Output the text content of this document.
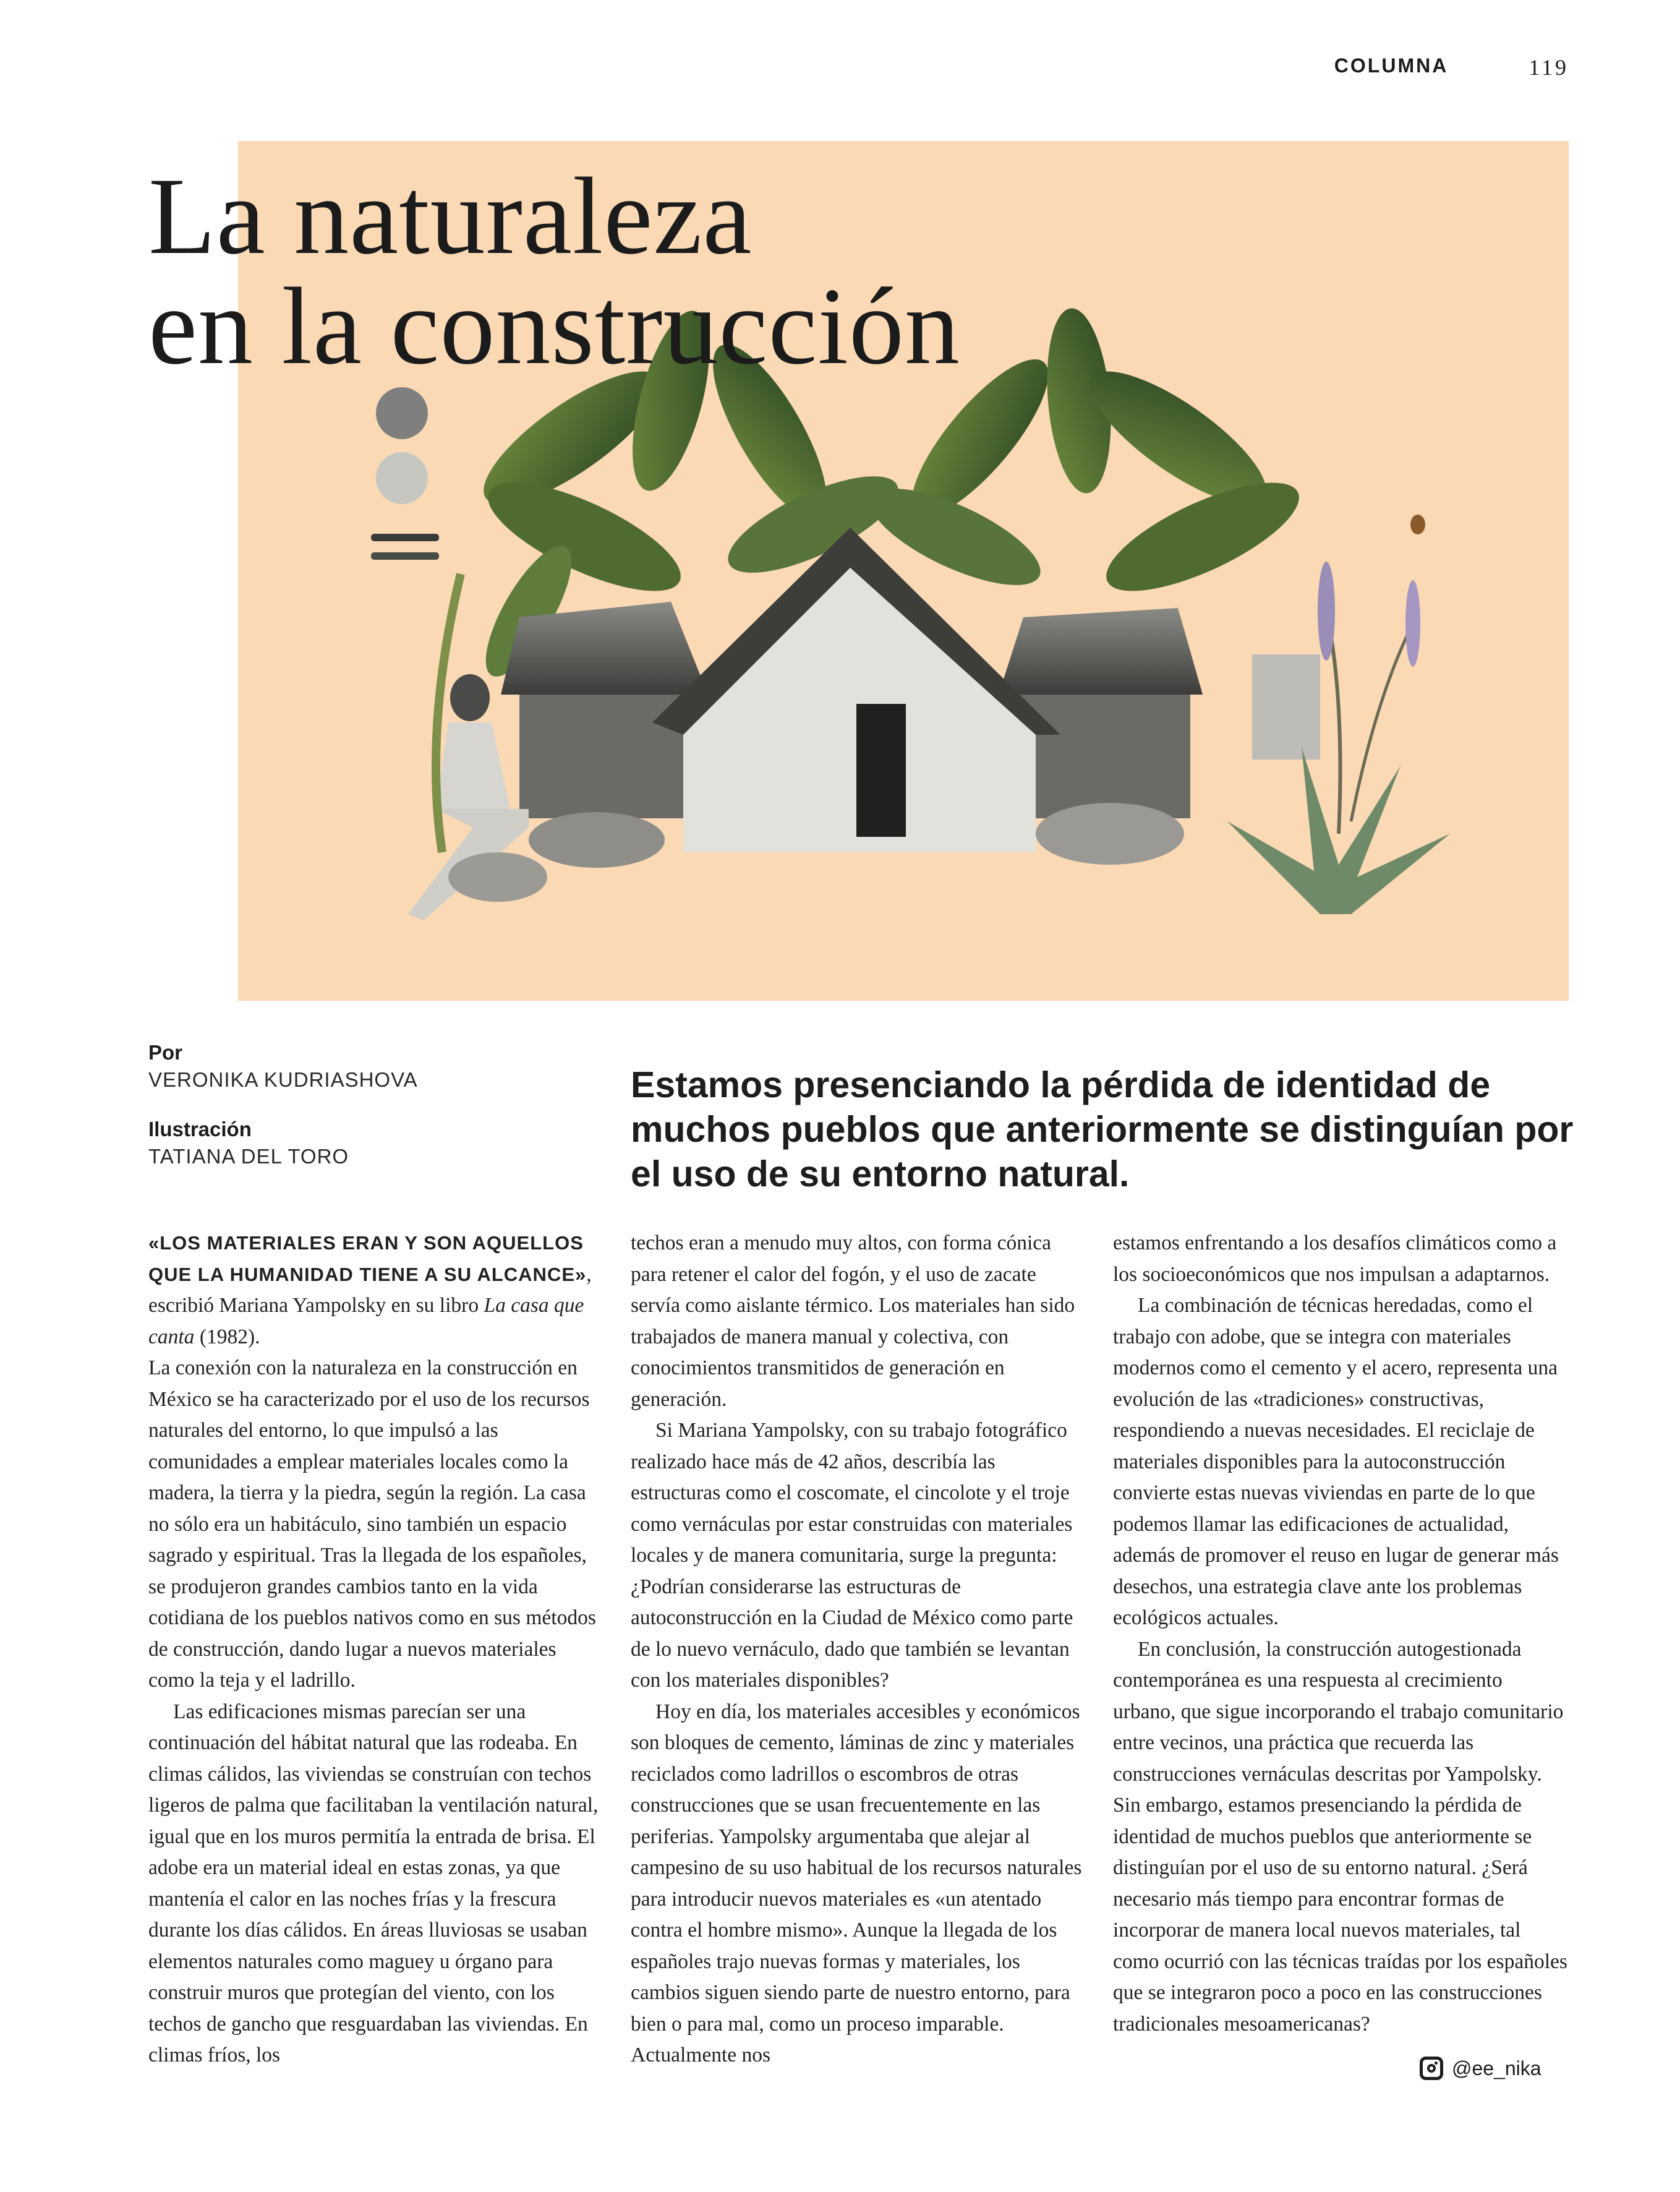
COLUMNA	119
La naturaleza
en la construcción
Por
VERONIKA KUDRIASHOVA
Ilustración
TATIANA DEL TORO

Estamos presenciando la pérdida de identidad de muchos pueblos que anteriormente se distinguían por el uso de su entorno natural.

«LOS MATERIALES ERAN Y SON AQUELLOS QUE LA HUMANIDAD TIENE A SU ALCANCE», escribió Mariana Yampolsky en su libro La casa que canta (1982).

La conexión con la naturaleza en la construcción en México se ha caracterizado por el uso de los recursos naturales del entorno, lo que impulsó a las comunidades a emplear materiales locales como la madera, la tierra y la piedra, según la región. La casa no sólo era un habitáculo, sino también un espacio sagrado y espiritual. Tras la llegada de los españoles, se produjeron grandes cambios tanto en la vida cotidiana de los pueblos nativos como en sus métodos de construcción, dando lugar a nuevos materiales como la teja y el ladrillo.

Las edificaciones mismas parecían ser una continuación del hábitat natural que las rodeaba. En climas cálidos, las viviendas se construían con techos ligeros de palma que facilitaban la ventilación natural, igual que en los muros permitía la entrada de brisa. El adobe era un material ideal en estas zonas, ya que mantenía el calor en las noches frías y la frescura durante los días cálidos. En áreas lluviosas se usaban elementos naturales como maguey u órgano para construir muros que protegían del viento, con los techos de gancho que resguardaban las viviendas. En climas fríos, los

techos eran a menudo muy altos, con forma cónica para retener el calor del fogón, y el uso de zacate servía como aislante térmico. Los materiales han sido trabajados de manera manual y colectiva, con conocimientos transmitidos de generación en generación.

Si Mariana Yampolsky, con su trabajo fotográfico realizado hace más de 42 años, describía las estructuras como el coscomate, el cincolote y el troje como vernáculas por estar construidas con materiales locales y de manera comunitaria, surge la pregunta: ¿Podrían considerarse las estructuras de autoconstrucción en la Ciudad de México como parte de lo nuevo vernáculo, dado que también se levantan con los materiales disponibles?

Hoy en día, los materiales accesibles y económicos son bloques de cemento, láminas de zinc y materiales reciclados como ladrillos o escombros de otras construcciones que se usan frecuentemente en las periferias. Yampolsky argumentaba que alejar al campesino de su uso habitual de los recursos naturales para introducir nuevos materiales es «un atentado contra el hombre mismo». Aunque la llegada de los españoles trajo nuevas formas y materiales, los cambios siguen siendo parte de nuestro entorno, para bien o para mal, como un proceso imparable. Actualmente nos

estamos enfrentando a los desafíos climáticos como a los socioeconómicos que nos impulsan a adaptarnos.

La combinación de técnicas heredadas, como el trabajo con adobe, que se integra con materiales modernos como el cemento y el acero, representa una evolución de las «tradiciones» constructivas, respondiendo a nuevas necesidades. El reciclaje de materiales disponibles para la autoconstrucción convierte estas nuevas viviendas en parte de lo que podemos llamar las edificaciones de actualidad, además de promover el reuso en lugar de generar más desechos, una estrategia clave ante los problemas ecológicos actuales.

En conclusión, la construcción autogestionada contemporánea es una respuesta al crecimiento urbano, que sigue incorporando el trabajo comunitario entre vecinos, una práctica que recuerda las construcciones vernáculas descritas por Yampolsky. Sin embargo, estamos presenciando la pérdida de identidad de muchos pueblos que anteriormente se distinguían por el uso de su entorno natural. ¿Será necesario más tiempo para encontrar formas de incorporar de manera local nuevos materiales, tal como ocurrió con las técnicas traídas por los españoles que se integraron poco a poco en las construcciones tradicionales mesoamericanas?

@ee_nika
